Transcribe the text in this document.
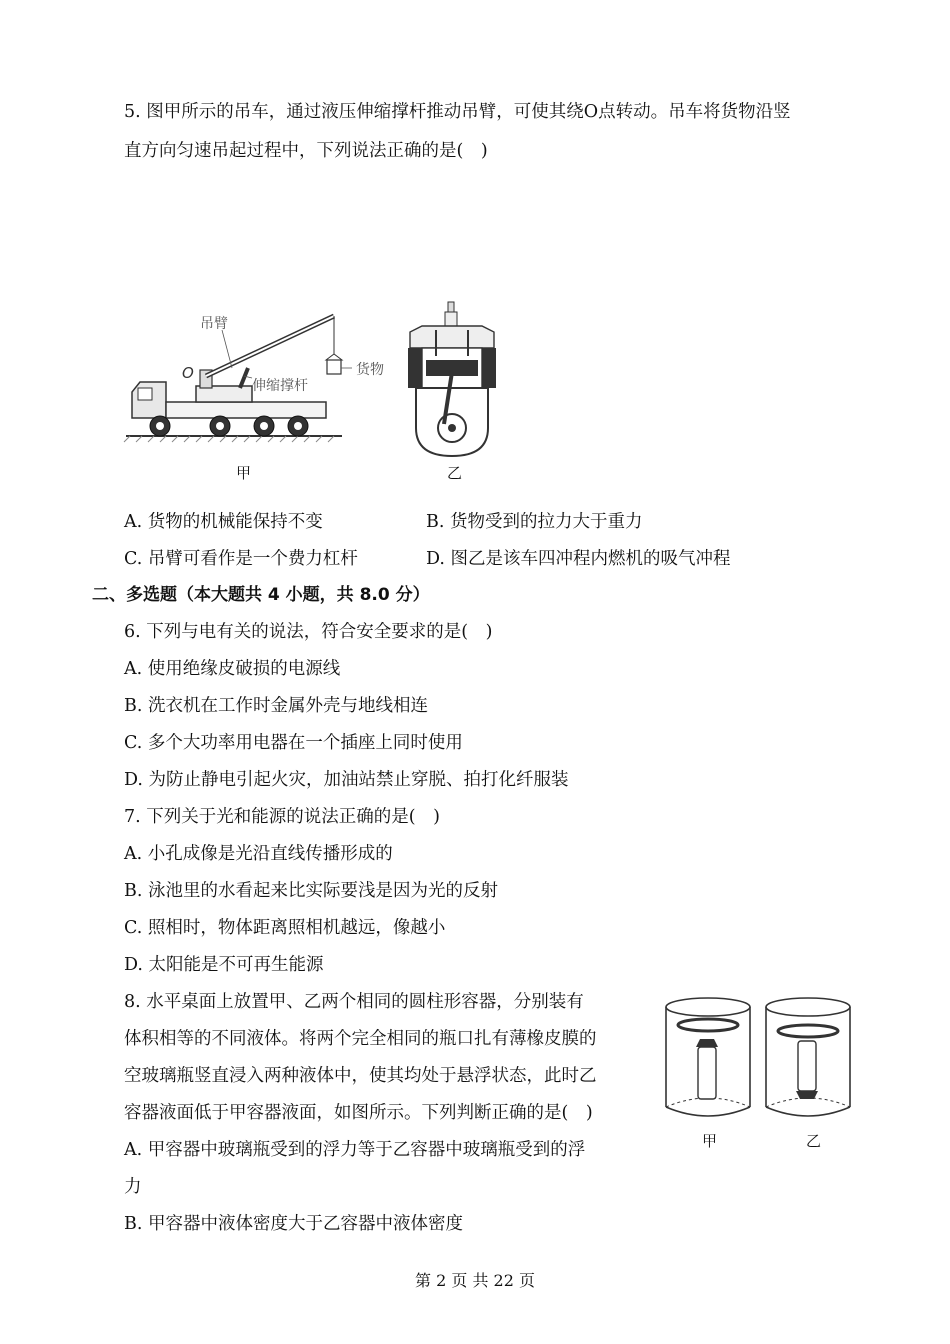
5. 图甲所示的吊车，通过液压伸缩撑杆推动吊臂，可使其绕O点转动。吊车将货物沿竖
直方向匀速吊起过程中，下列说法正确的是(　)
吊臂
O
伸缩撑杆
货物
甲	乙
A. 货物的机械能保持不变	B. 货物受到的拉力大于重力
C. 吊臂可看作是一个费力杠杆	D. 图乙是该车四冲程内燃机的吸气冲程
二、多选题（本大题共 4 小题，共 8.0 分）
6. 下列与电有关的说法，符合安全要求的是(　)
A. 使用绝缘皮破损的电源线
B. 洗衣机在工作时金属外壳与地线相连
C. 多个大功率用电器在一个插座上同时使用
D. 为防止静电引起火灾，加油站禁止穿脱、拍打化纤服装
7. 下列关于光和能源的说法正确的是(　)
A. 小孔成像是光沿直线传播形成的
B. 泳池里的水看起来比实际要浅是因为光的反射
C. 照相时，物体距离照相机越远，像越小
D. 太阳能是不可再生能源
8. 水平桌面上放置甲、乙两个相同的圆柱形容器，分别装有
体积相等的不同液体。将两个完全相同的瓶口扎有薄橡皮膜的
空玻璃瓶竖直浸入两种液体中，使其均处于悬浮状态，此时乙
容器液面低于甲容器液面，如图所示。下列判断正确的是(　)
A. 甲容器中玻璃瓶受到的浮力等于乙容器中玻璃瓶受到的浮
力
B. 甲容器中液体密度大于乙容器中液体密度
甲	乙
第 2 页 共 22 页
